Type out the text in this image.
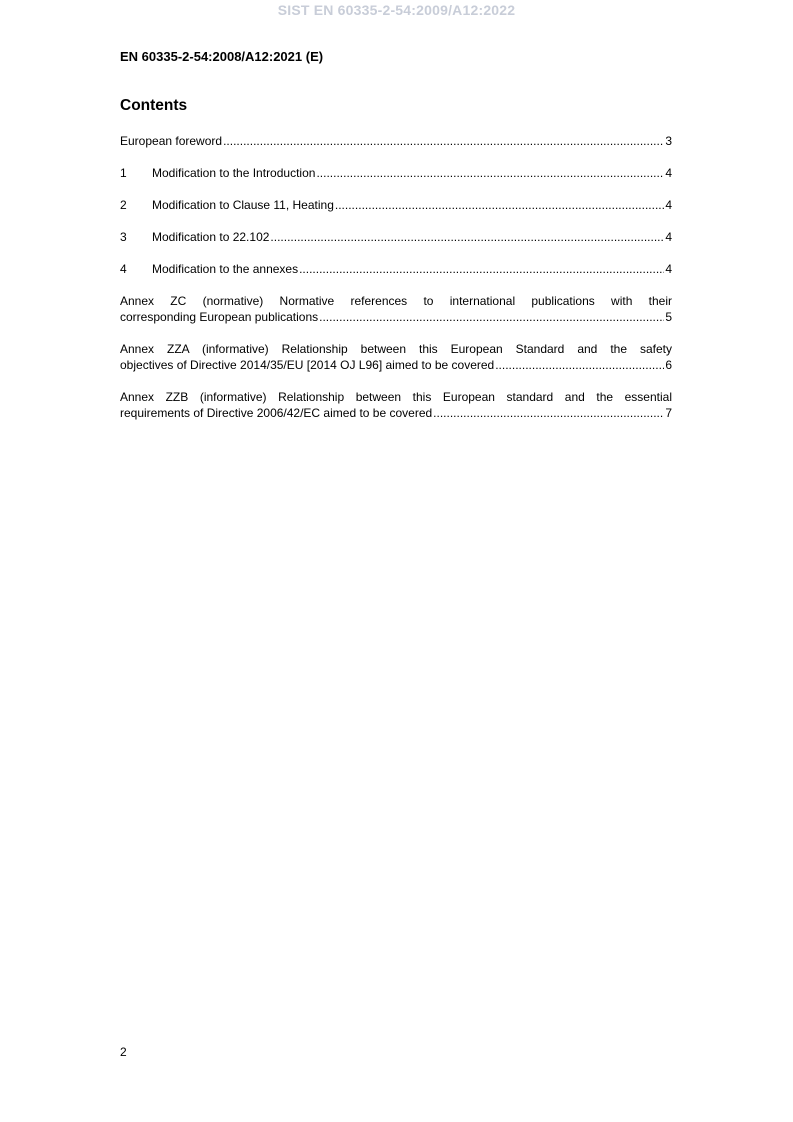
SIST EN 60335-2-54:2009/A12:2022
EN 60335-2-54:2008/A12:2021 (E)
Contents
European foreword .....	3
1	Modification to the Introduction .....	4
2	Modification to Clause 11, Heating .....	4
3	Modification to 22.102 .....	4
4	Modification to the annexes .....	4
Annex ZC (normative) Normative references to international publications with their
corresponding European publications .....	5
Annex ZZA (informative) Relationship between this European Standard and the safety
objectives of Directive 2014/35/EU [2014 OJ L96] aimed to be covered .....	6
Annex ZZB (informative) Relationship between this European standard and the essential
requirements of Directive 2006/42/EC aimed to be covered .....	7
2
